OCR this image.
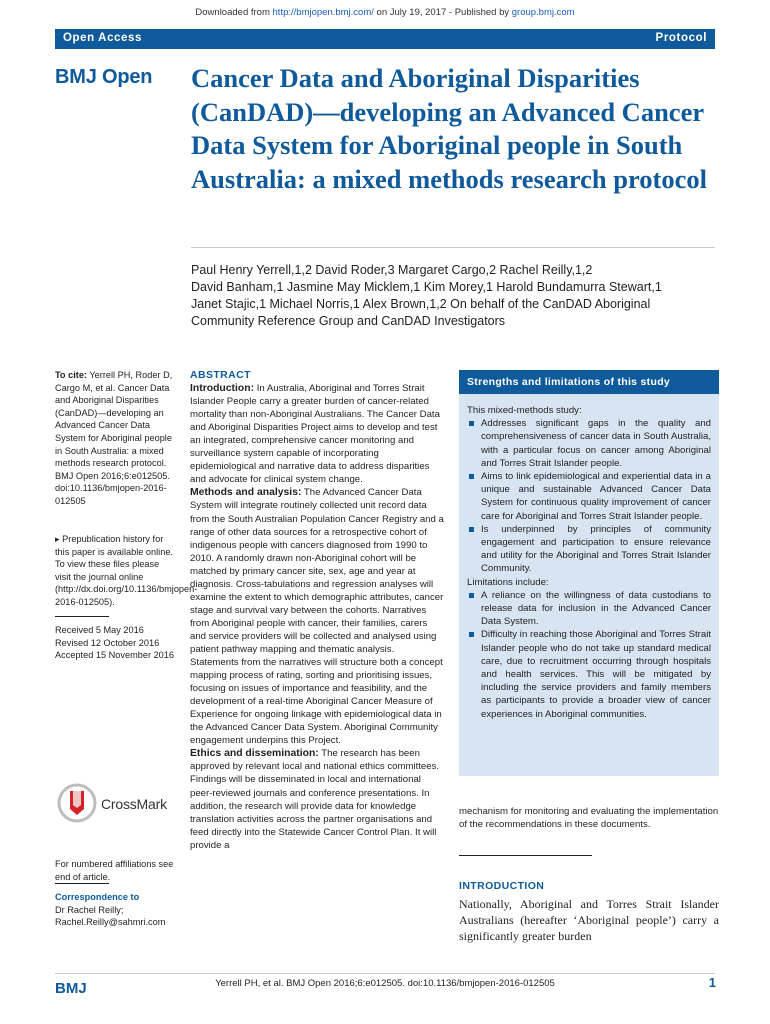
Downloaded from http://bmjopen.bmj.com/ on July 19, 2017 - Published by group.bmj.com
Open Access	Protocol
BMJ Open Cancer Data and Aboriginal Disparities (CanDAD)—developing an Advanced Cancer Data System for Aboriginal people in South Australia: a mixed methods research protocol
Paul Henry Yerrell,1,2 David Roder,3 Margaret Cargo,2 Rachel Reilly,1,2
David Banham,1 Jasmine May Micklem,1 Kim Morey,1 Harold Bundamurra Stewart,1
Janet Stajic,1 Michael Norris,1 Alex Brown,1,2 On behalf of the CanDAD Aboriginal
Community Reference Group and CanDAD Investigators
To cite: Yerrell PH, Roder D, Cargo M, et al. Cancer Data and Aboriginal Disparities (CanDAD)—developing an Advanced Cancer Data System for Aboriginal people in South Australia: a mixed methods research protocol. BMJ Open 2016;6:e012505. doi:10.1136/bmjopen-2016-012505
▸ Prepublication history for this paper is available online. To view these files please visit the journal online (http://dx.doi.org/10.1136/bmjopen-2016-012505).
Received 5 May 2016
Revised 12 October 2016
Accepted 15 November 2016
CrossMark
For numbered affiliations see end of article.
Correspondence to
Dr Rachel Reilly;
Rachel.Reilly@sahmri.com
ABSTRACT

Introduction: In Australia, Aboriginal and Torres Strait Islander People carry a greater burden of cancer-related mortality than non-Aboriginal Australians. The Cancer Data and Aboriginal Disparities Project aims to develop and test an integrated, comprehensive cancer monitoring and surveillance system capable of incorporating epidemiological and narrative data to address disparities and advocate for clinical system change.

Methods and analysis: The Advanced Cancer Data System will integrate routinely collected unit record data from the South Australian Population Cancer Registry and a range of other data sources for a retrospective cohort of indigenous people with cancers diagnosed from 1990 to 2010. A randomly drawn non-Aboriginal cohort will be matched by primary cancer site, sex, age and year at diagnosis. Cross-tabulations and regression analyses will examine the extent to which demographic attributes, cancer stage and survival vary between the cohorts. Narratives from Aboriginal people with cancer, their families, carers and service providers will be collected and analysed using patient pathway mapping and thematic analysis. Statements from the narratives will structure both a concept mapping process of rating, sorting and prioritising issues, focusing on issues of importance and feasibility, and the development of a real-time Aboriginal Cancer Measure of Experience for ongoing linkage with epidemiological data in the Advanced Cancer Data System. Aboriginal Community engagement underpins this Project.

Ethics and dissemination: The research has been approved by relevant local and national ethics committees. Findings will be disseminated in local and international peer-reviewed journals and conference presentations. In addition, the research will provide data for knowledge translation activities across the partner organisations and feed directly into the Statewide Cancer Control Plan. It will provide a

Strengths and limitations of this study
This mixed-methods study:
Addresses significant gaps in the quality and comprehensiveness of cancer data in South Australia, with a particular focus on cancer among Aboriginal and Torres Strait Islander people.
Aims to link epidemiological and experiential data in a unique and sustainable Advanced Cancer Data System for continuous quality improvement of cancer care for Aboriginal and Torres Strait Islander people.
Is underpinned by principles of community engagement and participation to ensure relevance and utility for the Aboriginal and Torres Strait Islander Community.
Limitations include:
A reliance on the willingness of data custodians to release data for inclusion in the Advanced Cancer Data System.
Difficulty in reaching those Aboriginal and Torres Strait Islander people who do not take up standard medical care, due to recruitment occurring through hospitals and health services. This will be mitigated by including the service providers and family members as participants to provide a broader view of cancer experiences in Aboriginal communities.
mechanism for monitoring and evaluating the implementation of the recommendations in these documents.
INTRODUCTION
Nationally, Aboriginal and Torres Strait Islander Australians (hereafter ‘Aboriginal people’) carry a significantly greater burden
BMJ	Yerrell PH, et al. BMJ Open 2016;6:e012505. doi:10.1136/bmjopen-2016-012505	1
